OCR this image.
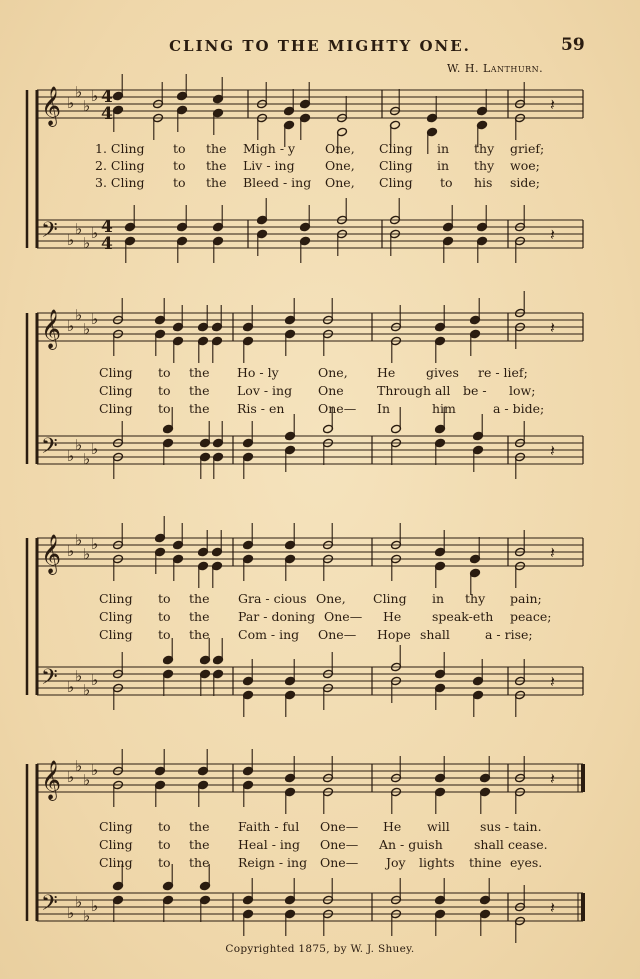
CLING TO THE MIGHTY ONE.	59
W. H. Lanthurn.
𝄞 ♭
♭
♭
♭
𝄢 ♭
♭
♭
♭
𝄽
𝄽
𝄞 ♭
♭
♭
♭
𝄢 ♭
♭
♭
♭
𝄽
𝄽
𝄞 ♭
♭
♭
♭
𝄢 ♭
♭
♭
♭
𝄽
𝄽
𝄞 ♭
♭
♭
♭
𝄢 ♭
♭
♭
♭
𝄽
𝄽
4
4
4
4
1. Cling to the Migh - y One, Cling in thy grief;
2. Cling to the Liv - ing One, Cling in thy woe;
3. Cling to the Bleed - ing One, Cling to his side;
Cling to the Ho - ly	One, He gives re - lief;
Cling to the Lov - ing One	Through all be - low;
Cling to the Ris - en	One— In	him	a - bide;
Cling to the Gra - cious One, Cling in thy pain;
Cling to the Par - doning One— He speak-eth peace;
Cling to the Com - ing One— Hope shall	a - rise;
Cling to the Faith - ful One— He will sus - tain.
Cling to the Heal - ing One— An - guish shall cease.
Cling to the Reign - ing One— Joy lights thine eyes.
Copyrighted 1875, by W. J. Shuey.
